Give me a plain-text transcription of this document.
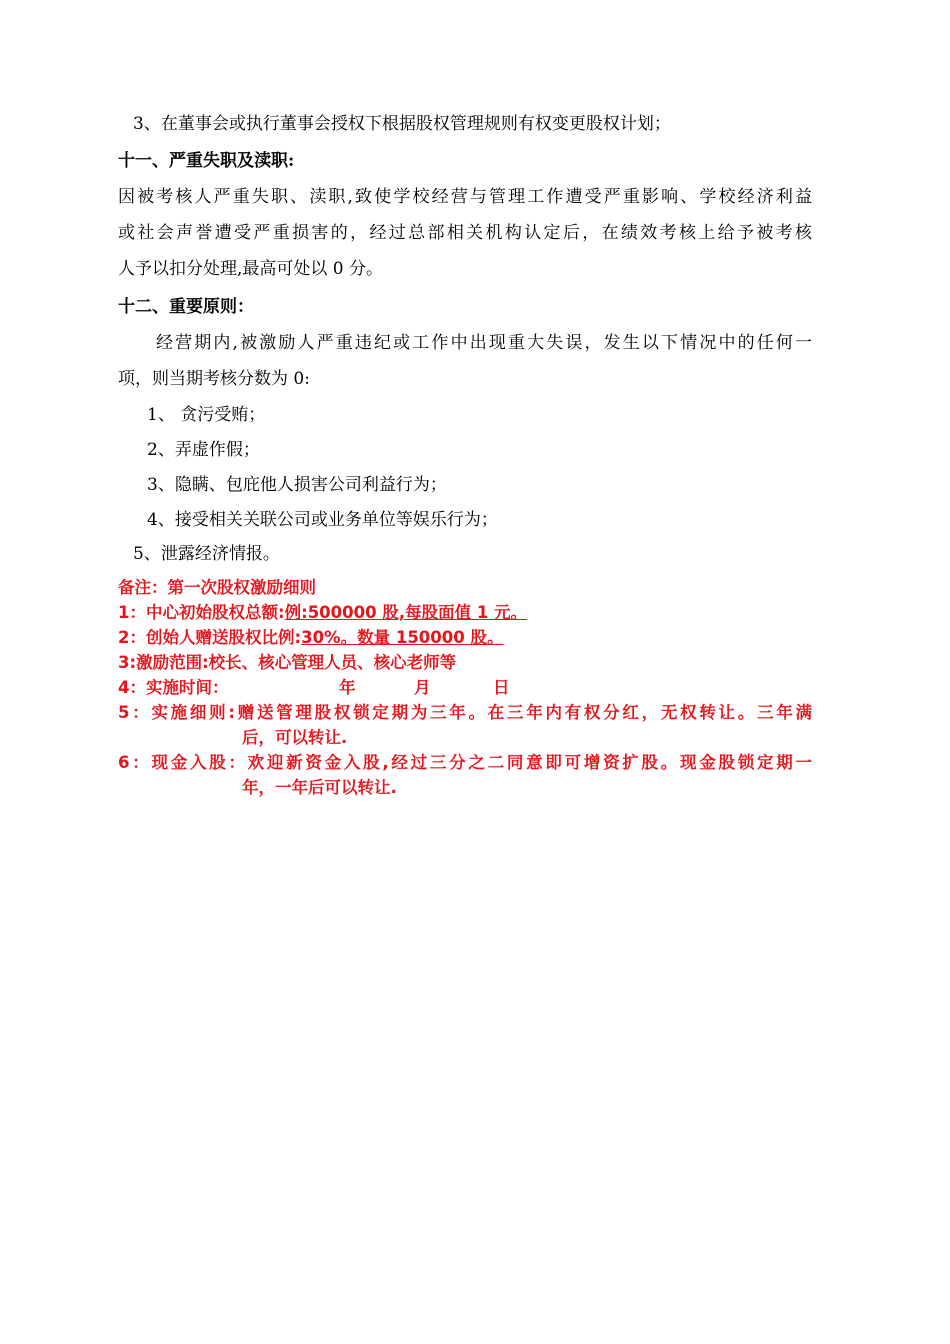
3、在董事会或执行董事会授权下根据股权管理规则有权变更股权计划；
十一、严重失职及渎职:
因被考核人严重失职、渎职,致使学校经营与管理工作遭受严重影响、学校经济利益
或社会声誉遭受严重损害的，经过总部相关机构认定后，在绩效考核上给予被考核
人予以扣分处理,最高可处以 0 分。
十二、重要原则：
经营期内,被激励人严重违纪或工作中出现重大失误，发生以下情况中的任何一
项，则当期考核分数为 0:
1、 贪污受贿；
2、弄虚作假；
3、隐瞒、包庇他人损害公司利益行为；
4、接受相关关联公司或业务单位等娱乐行为；
5、泄露经济情报。
备注：第一次股权激励细则
1：中心初始股权总额:例:500000 股,每股面值 1 元。
2：创始人赠送股权比例:30%。数量 150000 股。
3:激励范围:校长、核心管理人员、核心老师等
4：实施时间：	年	月	日
5：实施细则:赠送管理股权锁定期为三年。在三年内有权分红，无权转让。三年满
后，可以转让.
6：现金入股：欢迎新资金入股,经过三分之二同意即可增资扩股。现金股锁定期一
年，一年后可以转让.
